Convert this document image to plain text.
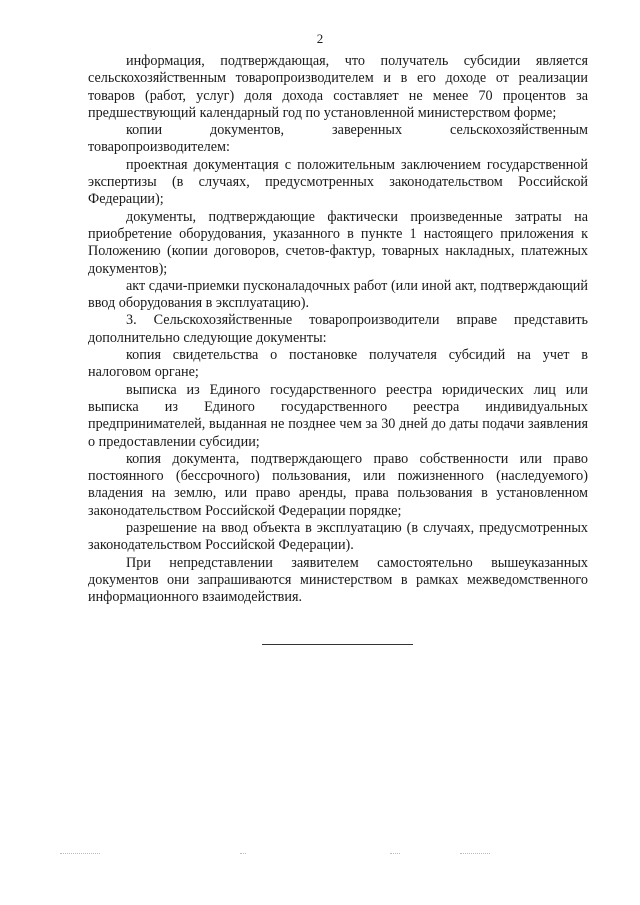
2

информация, подтверждающая, что получатель субсидии является сельскохозяйственным товаропроизводителем и в его доходе от реализации товаров (работ, услуг) доля дохода составляет не менее 70 процентов за предшествующий календарный год по установленной министерством форме;

копии документов, заверенных сельскохозяйственным товаропроизводителем:

проектная документация с положительным заключением государственной экспертизы (в случаях, предусмотренных законодательством Российской Федерации);

документы, подтверждающие фактически произведенные затраты на приобретение оборудования, указанного в пункте 1 настоящего приложения к Положению (копии договоров, счетов-фактур, товарных накладных, платежных документов);

акт сдачи-приемки пусконаладочных работ (или иной акт, подтверждающий ввод оборудования в эксплуатацию).

3. Сельскохозяйственные товаропроизводители вправе представить дополнительно следующие документы:

копия свидетельства о постановке получателя субсидий на учет в налоговом органе;

выписка из Единого государственного реестра юридических лиц или выписка из Единого государственного реестра индивидуальных предпринимателей, выданная не позднее чем за 30 дней до даты подачи заявления о предоставлении субсидии;

копия документа, подтверждающего право собственности или право постоянного (бессрочного) пользования, или пожизненного (наследуемого) владения на землю, или право аренды, права пользования в установленном законодательством Российской Федерации порядке;

разрешение на ввод объекта в эксплуатацию (в случаях, предусмотренных законодательством Российской Федерации).

При непредставлении заявителем самостоятельно вышеуказанных документов они запрашиваются министерством в рамках межведомственного информационного взаимодействия.
